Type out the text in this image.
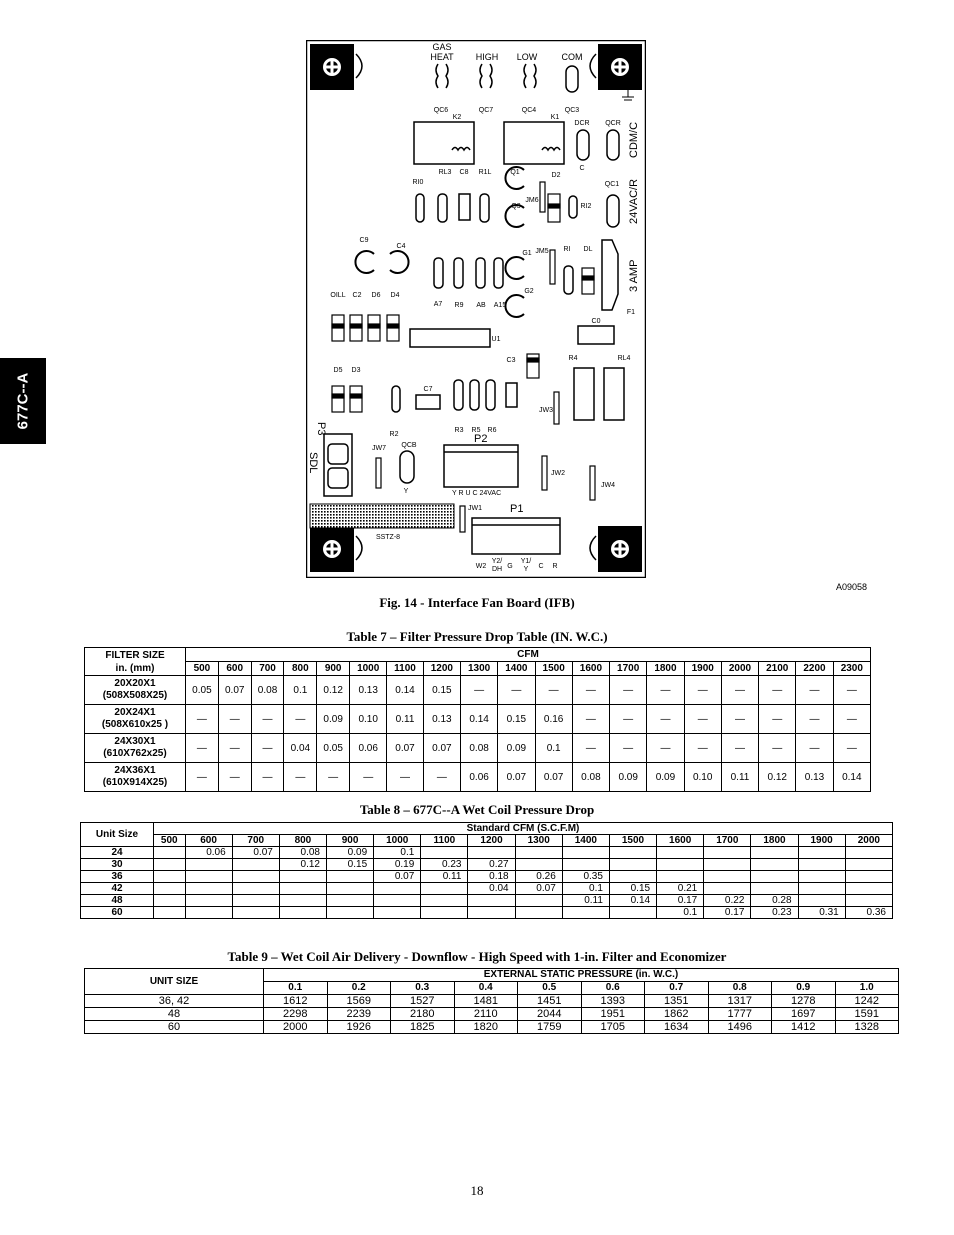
677C--A
GAS
HEAT HIGH LOW	COM
QC6	QC7	QC4	QC3
K2	K1
DCR QCR
C
RL3 C8 R1L	Q1	D2
RI0	QC1
JM6
Q3	RI2
C9
C4
G1 JM5 RI DL
OILL C2 D6 D4
G2
A7 R9 AB A15
F1
C0
U1
C3	R4	RL4
D5 D3
C7
JW3
R2
R3 R5 R6
JW7 QCB
JW2
JW4
Y	Y R U C 24VAC
JW1
SSTZ-8
W2
Y2/
DH G
Y1/
Y C R
CDM/C
24VAC/R
3 AMP
P3
SDL
P2
P1
A09058
Fig. 14 - Interface Fan Board (IFB)
Table 7 – Filter Pressure Drop Table (IN. W.C.)
FILTER SIZE
in. (mm)	CFM																		
	500	600	700	800	900	1000	1100	1200	1300	1400	1500	1600	1700	1800	1900	2000	2100	2200	2300

20X20X1
(508X508X25)	0.05	0.07	0.08	0.1	0.12	0.13	0.14	0.15	—	—	—	—	—	—	—	—	—	—	—

20X24X1
(508X610x25 )	—	—	—	—	0.09	0.10	0.11	0.13	0.14	0.15	0.16	—	—	—	—	—	—	—	—

24X30X1
(610X762x25)	—	—	—	0.04	0.05	0.06	0.07	0.07	0.08	0.09	0.1	—	—	—	—	—	—	—	—

24X36X1
(610X914X25)	—	—	—	—	—	—	—	—	0.06	0.07	0.07	0.08	0.09	0.09	0.10	0.11	0.12	0.13	0.14
Table 8 – 677C--A Wet Coil Pressure Drop
Unit Size	Standard CFM (S.C.F.M)															
	500	600	700	800	900	1000	1100	1200	1300	1400	1500	1600	1700	1800	1900	2000
24		0.06	0.07	0.08	0.09	0.1										
30				0.12	0.15	0.19	0.23	0.27								
36						0.07	0.11	0.18	0.26	0.35						
42								0.04	0.07	0.1	0.15	0.21				
48										0.11	0.14	0.17	0.22	0.28		
60												0.1	0.17	0.23	0.31	0.36
Table 9 – Wet Coil Air Delivery - Downflow - High Speed with 1-in. Filter and Economizer
UNIT SIZE	EXTERNAL STATIC PRESSURE (in. W.C.)									
	0.1	0.2	0.3	0.4	0.5	0.6	0.7	0.8	0.9	1.0
36, 42	1612	1569	1527	1481	1451	1393	1351	1317	1278	1242
48	2298	2239	2180	2110	2044	1951	1862	1777	1697	1591
60	2000	1926	1825	1820	1759	1705	1634	1496	1412	1328
18
